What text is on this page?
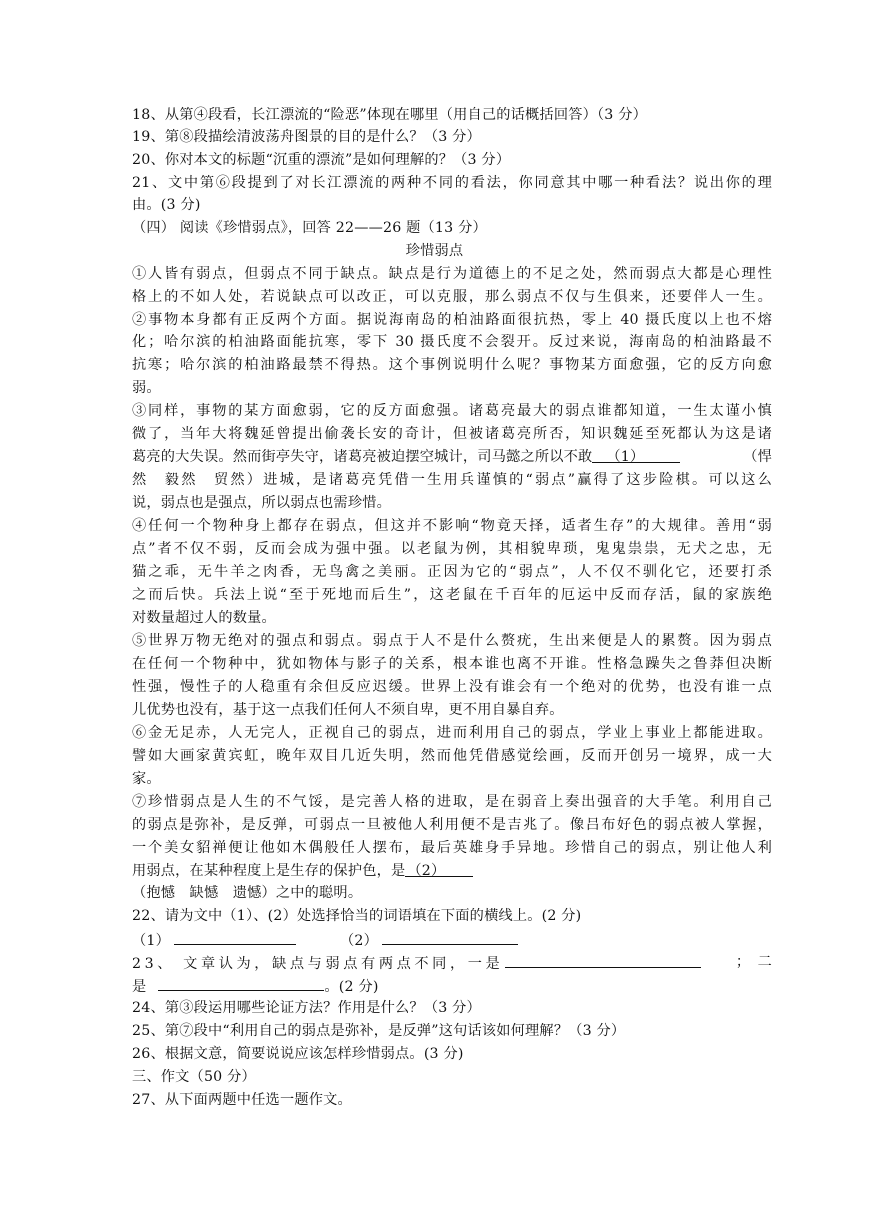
18、从第④段看，长江漂流的“险恶”体现在哪里（用自己的话概括回答）（3 分）
19、第⑧段描绘清波荡舟图景的目的是什么？（3 分）
20、你对本文的标题“沉重的漂流”是如何理解的？（3 分）
21、文中第⑥段提到了对长江漂流的两种不同的看法，你同意其中哪一种看法？说出你的理
由。(3 分)
（四） 阅读《珍惜弱点》，回答 22——26 题（13 分）
珍惜弱点
①人皆有弱点，但弱点不同于缺点。缺点是行为道德上的不足之处，然而弱点大都是心理性
格上的不如人处，若说缺点可以改正，可以克服，那么弱点不仅与生俱来，还要伴人一生。
②事物本身都有正反两个方面。据说海南岛的柏油路面很抗热，零上 40 摄氏度以上也不熔
化；哈尔滨的柏油路面能抗寒，零下 30 摄氏度不会裂开。反过来说，海南岛的柏油路最不
抗寒；哈尔滨的柏油路最禁不得热。这个事例说明什么呢？事物某方面愈强，它的反方向愈
弱。
③同样，事物的某方面愈弱，它的反方面愈强。诸葛亮最大的弱点谁都知道，一生太谨小慎
微了，当年大将魏延曾提出偷袭长安的奇计，但被诸葛亮所否，知识魏延至死都认为这是诸
葛亮的大失误。然而街亭失守，诸葛亮被迫摆空城计，司马懿之所以不敢 （1）	（悍
然　毅然　贸然）进城，是诸葛亮凭借一生用兵谨慎的“弱点”赢得了这步险棋。可以这么
说，弱点也是强点，所以弱点也需珍惜。
④任何一个物种身上都存在弱点，但这并不影响“物竟天择，适者生存”的大规律。善用“弱
点”者不仅不弱，反而会成为强中强。以老鼠为例，其相貌卑琐，鬼鬼祟祟，无犬之忠，无
猫之乖，无牛羊之肉香，无鸟禽之美丽。正因为它的“弱点”，人不仅不驯化它，还要打杀
之而后快。兵法上说“至于死地而后生”，这老鼠在千百年的厄运中反而存活，鼠的家族绝
对数量超过人的数量。
⑤世界万物无绝对的强点和弱点。弱点于人不是什么赘疣，生出来便是人的累赘。因为弱点
在任何一个物种中，犹如物体与影子的关系，根本谁也离不开谁。性格急躁失之鲁莽但决断
性强，慢性子的人稳重有余但反应迟缓。世界上没有谁会有一个绝对的优势，也没有谁一点
儿优势也没有，基于这一点我们任何人不须自卑，更不用自暴自弃。
⑥金无足赤，人无完人，正视自己的弱点，进而利用自己的弱点，学业上事业上都能进取。
譬如大画家黄宾虹，晚年双目几近失明，然而他凭借感觉绘画，反而开创另一境界，成一大
家。
⑦珍惜弱点是人生的不气馁，是完善人格的进取，是在弱音上奏出强音的大手笔。利用自己
的弱点是弥补，是反弹，可弱点一旦被他人利用便不是吉兆了。像吕布好色的弱点被人掌握，
一个美女貂禅便让他如木偶般任人摆布，最后英雄身手异地。珍惜自己的弱点，别让他人利
用弱点，在某种程度上是生存的保护色，是 （2）
（抱憾　缺憾　遗憾）之中的聪明。
22、请为文中（1）、(2）处选择恰当的词语填在下面的横线上。(2 分)
（1）	（2）
23、 文章认为，缺点与弱点有两点不同，一是	；　二
是	。(2 分)
24、第③段运用哪些论证方法？作用是什么？（3 分）
25、第⑦段中“利用自己的弱点是弥补，是反弹”这句话该如何理解？（3 分）
26、根据文意，简要说说应该怎样珍惜弱点。(3 分)
三、作文（50 分）
27、从下面两题中任选一题作文。
